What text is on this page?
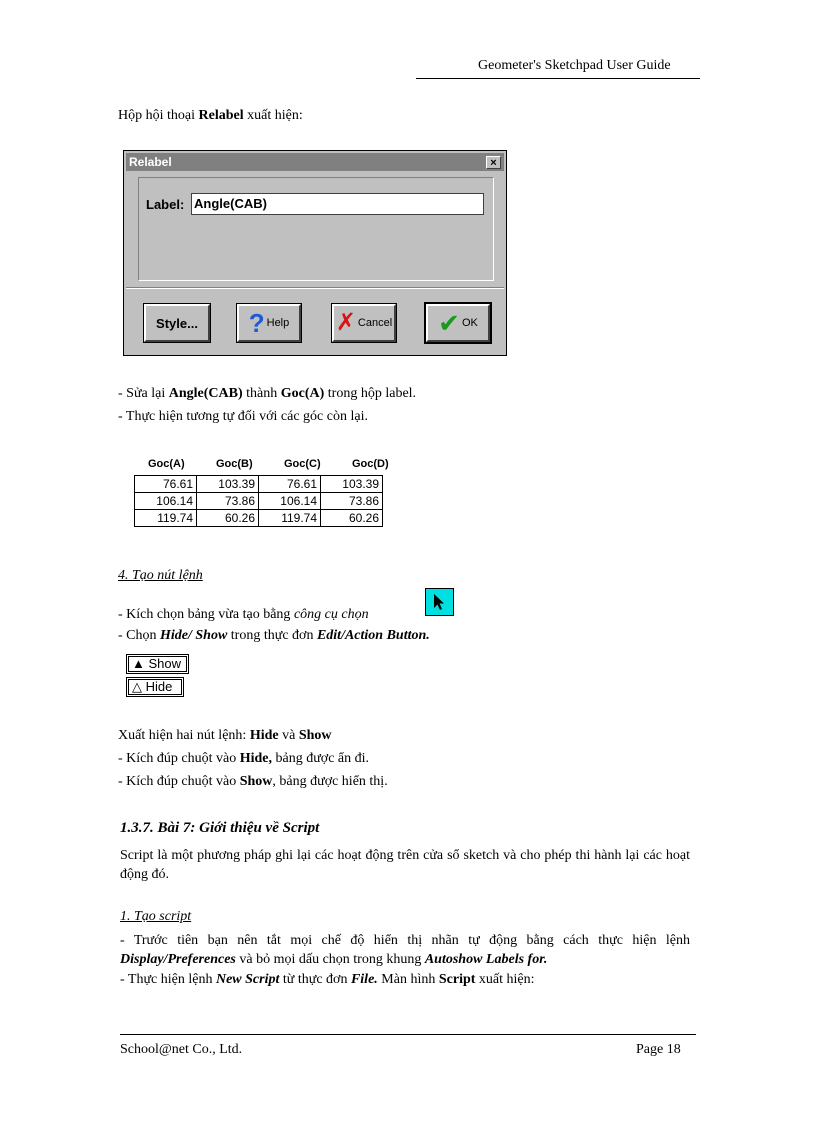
Geometer's Sketchpad User Guide
Hộp hội thoại Relabel xuất hiện:
Relabel	×
Label: Angle(CAB)
Style... ? Help ✗ Cancel ✔ OK
- Sửa lại Angle(CAB) thành Goc(A) trong hộp label.
- Thực hiện tương tự đối với các góc còn lại.
Goc(A)	Goc(B)	Goc(C)	Goc(D)
76.61	103.39	76.61	103.39
106.14	73.86	106.14	73.86
119.74	60.26	119.74	60.26
4. Tạo nút lệnh
- Kích chọn bảng vừa tạo bằng công cụ chọn
- Chọn Hide/ Show trong thực đơn Edit/Action Button.
▲ Show
△ Hide
Xuất hiện hai nút lệnh: Hide và Show
- Kích đúp chuột vào Hide, bảng được ẩn đi.
- Kích đúp chuột vào Show, bảng được hiển thị.
1.3.7. Bài 7: Giới thiệu về Script
Script là một phương pháp ghi lại các hoạt động trên cửa sổ sketch và cho phép thi hành lại các hoạt động đó.
1. Tạo script
- Trước tiên bạn nên tắt mọi chế độ hiển thị nhãn tự động bằng cách thực hiện lệnh Display/Preferences và bỏ mọi dấu chọn trong khung Autoshow Labels for.
- Thực hiện lệnh New Script từ thực đơn File. Màn hình Script xuất hiện:
School@net Co., Ltd.	Page 18
